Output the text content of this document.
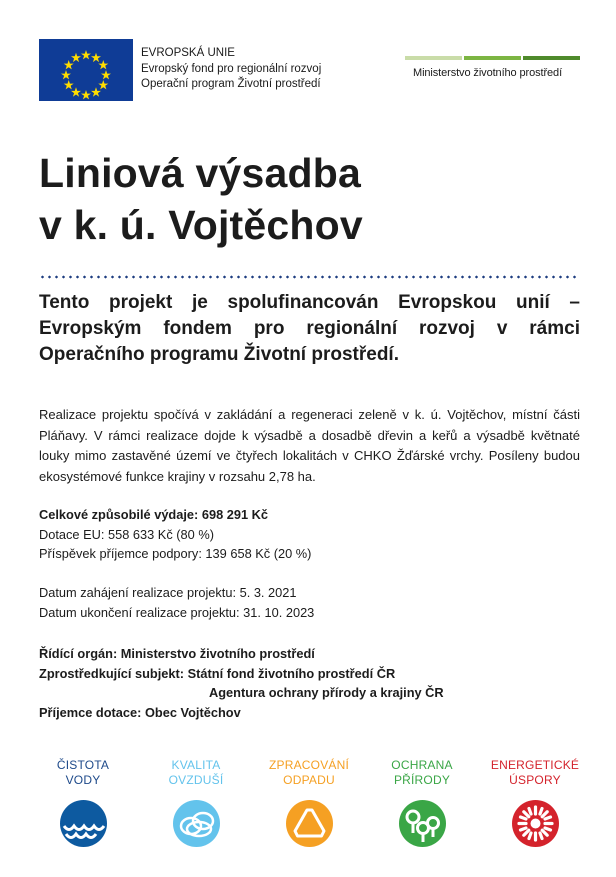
EVROPSKÁ UNIE
Evropský fond pro regionální rozvoj
Operační program Životní prostředí
Ministerstvo životního prostředí
Liniová výsadba
v k. ú. Vojtěchov
Tento projekt je spolufinancován Evropskou unií – Evropským fondem pro regionální rozvoj v rámci Operačního programu Životní prostředí.
Realizace projektu spočívá v zakládání a regeneraci zeleně v k. ú. Vojtěchov, místní části Pláňavy. V rámci realizace dojde k výsadbě a dosadbě dřevin a keřů a výsadbě květnaté louky mimo zastavěné území ve čtyřech lokalitách v CHKO Žďárské vrchy. Posíleny budou ekosystémové funkce krajiny v rozsahu 2,78 ha.
Celkové způsobilé výdaje: 698 291 Kč
Dotace EU: 558 633 Kč (80 %)
Příspěvek příjemce podpory: 139 658 Kč (20 %)
Datum zahájení realizace projektu: 5. 3. 2021
Datum ukončení realizace projektu: 31. 10. 2023
Řídící orgán: Ministerstvo životního prostředí
Zprostředkující subjekt: Státní fond životního prostředí ČR
Agentura ochrany přírody a krajiny ČR
Příjemce dotace: Obec Vojtěchov
ČISTOTA
VODY
KVALITA
OVZDUŠÍ
ZPRACOVÁNÍ
ODPADU
OCHRANA
PŘÍRODY
ENERGETICKÉ
ÚSPORY
